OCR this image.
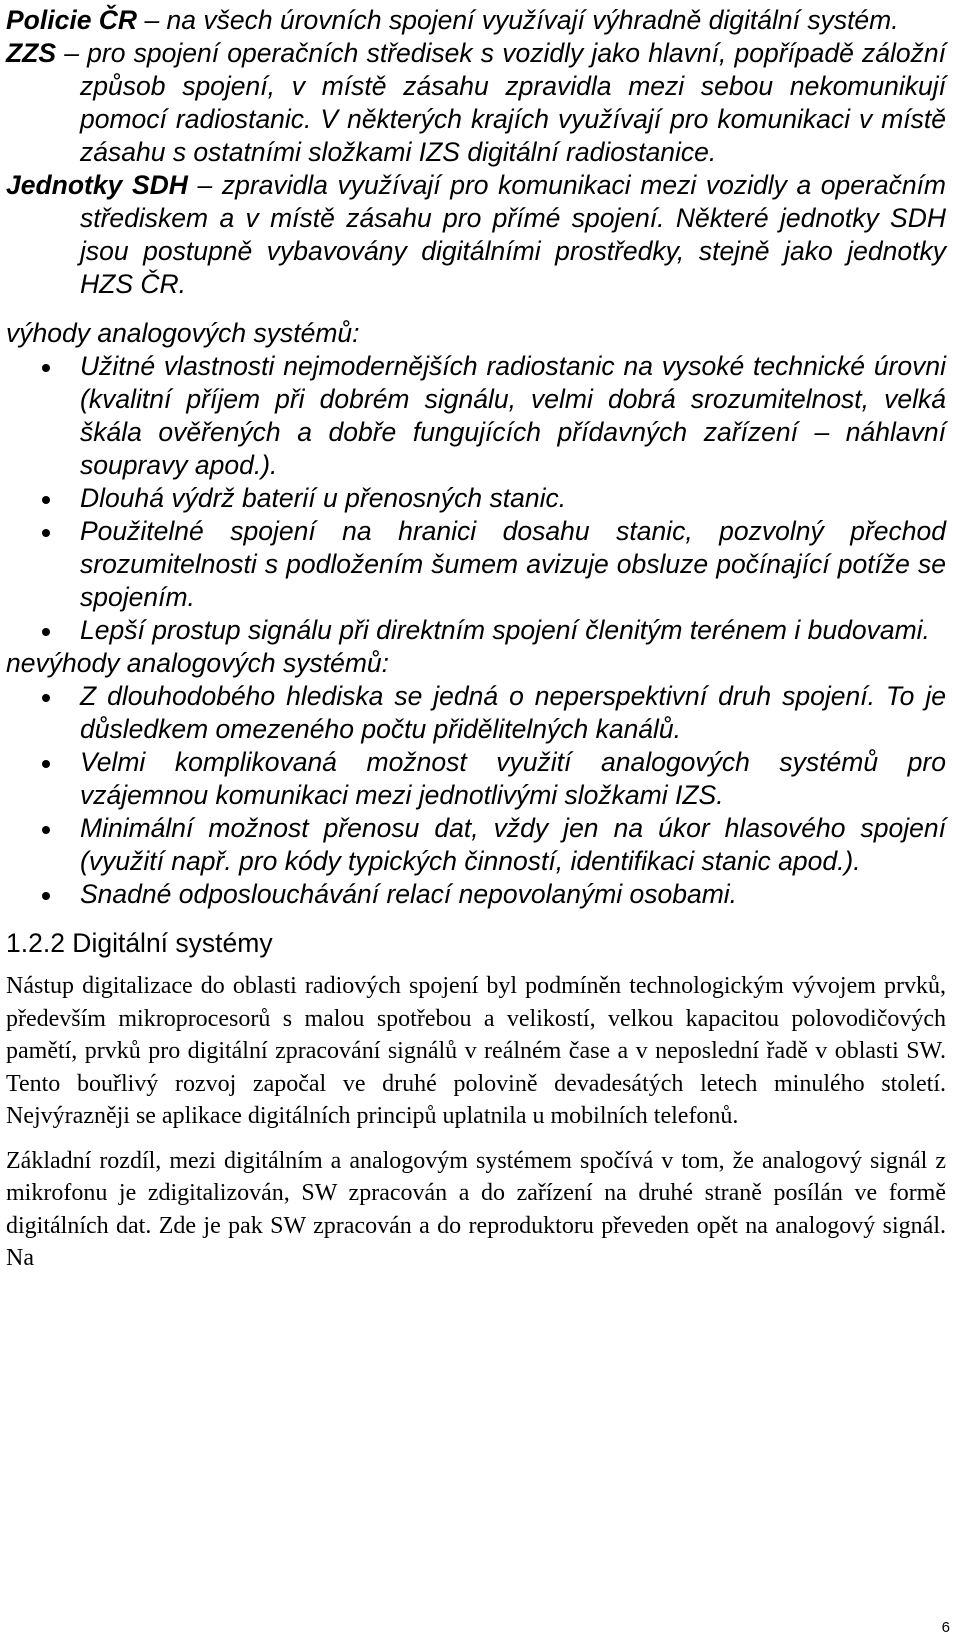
Policie ČR – na všech úrovních spojení využívají výhradně digitální systém.
ZZS – pro spojení operačních středisek s vozidly jako hlavní, popřípadě záložní způsob spojení, v místě zásahu zpravidla mezi sebou nekomunikují pomocí radiostanic. V některých krajích využívají pro komunikaci v místě zásahu s ostatními složkami IZS digitální radiostanice.
Jednotky SDH – zpravidla využívají pro komunikaci mezi vozidly a operačním střediskem a v místě zásahu pro přímé spojení. Některé jednotky SDH jsou postupně vybavovány digitálními prostředky, stejně jako jednotky HZS ČR.
výhody analogových systémů:
Užitné vlastnosti nejmodernějších radiostanic na vysoké technické úrovni (kvalitní příjem při dobrém signálu, velmi dobrá srozumitelnost, velká škála ověřených a dobře fungujících přídavných zařízení – náhlavní soupravy apod.).
Dlouhá výdrž baterií u přenosných stanic.
Použitelné spojení na hranici dosahu stanic, pozvolný přechod srozumitelnosti s podložením šumem avizuje obsluze počínající potíže se spojením.
Lepší prostup signálu při direktním spojení členitým terénem i budovami.
nevýhody analogových systémů:
Z dlouhodobého hlediska se jedná o neperspektivní druh spojení. To je důsledkem omezeného počtu přidělitelných kanálů.
Velmi komplikovaná možnost využití analogových systémů pro vzájemnou komunikaci mezi jednotlivými složkami IZS.
Minimální možnost přenosu dat, vždy jen na úkor hlasového spojení (využití např. pro kódy typických činností, identifikaci stanic apod.).
Snadné odposlouchávání relací nepovolanými osobami.
1.2.2 Digitální systémy

Nástup digitalizace do oblasti radiových spojení byl podmíněn technologickým vývojem prvků, především mikroprocesorů s malou spotřebou a velikostí, velkou kapacitou polovodičových pamětí, prvků pro digitální zpracování signálů v reálném čase a v neposlední řadě v oblasti SW. Tento bouřlivý rozvoj započal ve druhé polovině devadesátých letech minulého století. Nejvýrazněji se aplikace digitálních principů uplatnila u mobilních telefonů.

Základní rozdíl, mezi digitálním a analogovým systémem spočívá v tom, že analogový signál z mikrofonu je zdigitalizován, SW zpracován a do zařízení na druhé straně posílán ve formě digitálních dat. Zde je pak SW zpracován a do reproduktoru převeden opět na analogový signál. Na

6
